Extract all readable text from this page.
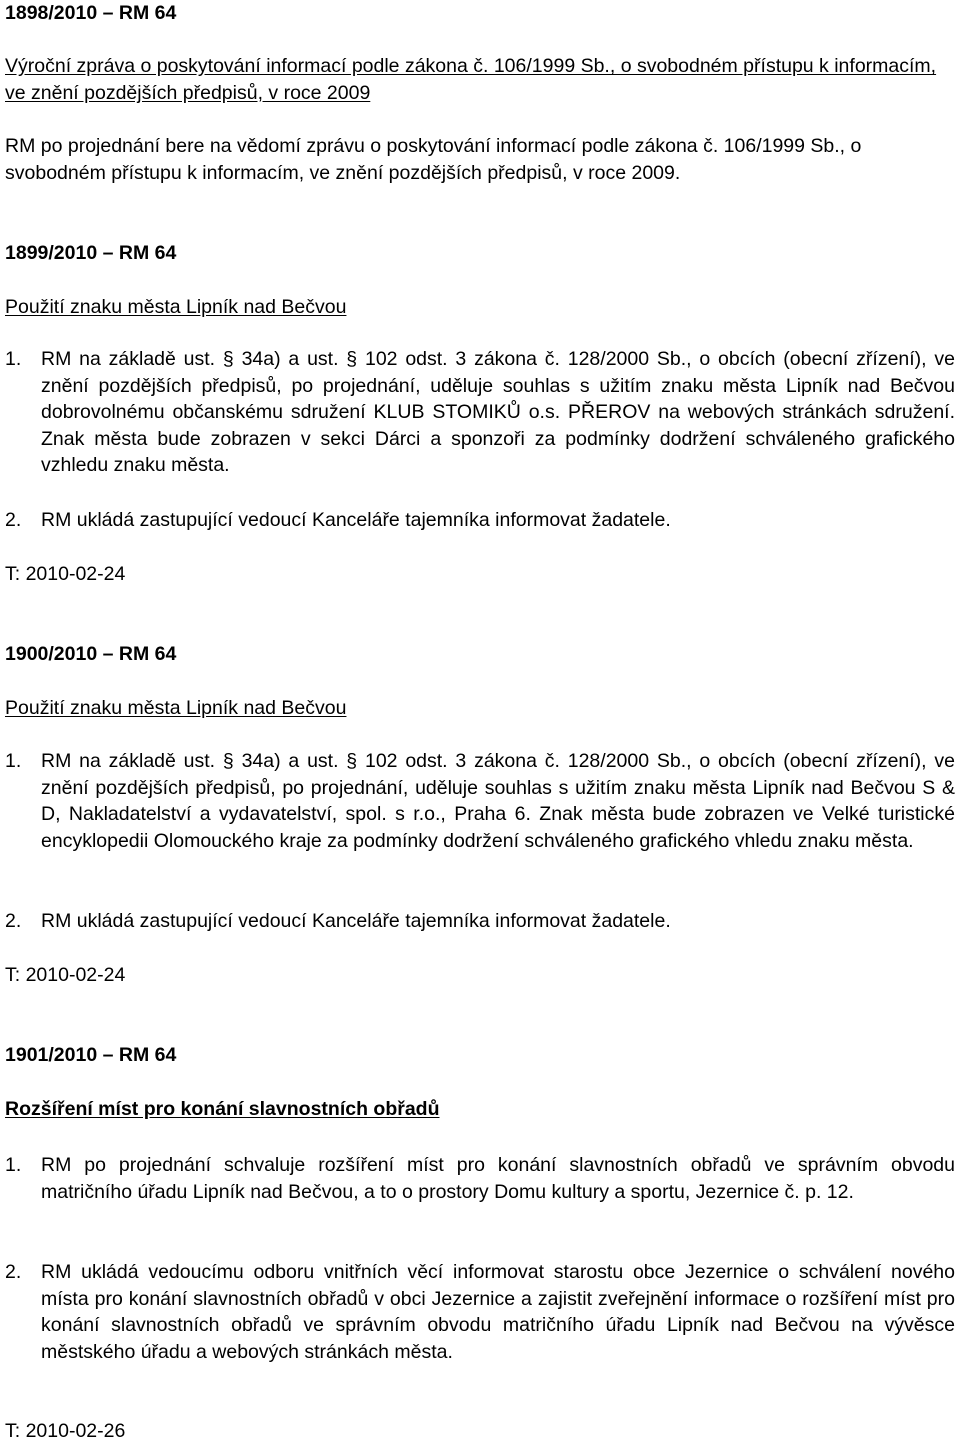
1898/2010 – RM 64
Výroční zpráva o poskytování informací podle zákona č. 106/1999 Sb., o svobodném přístupu k informacím, ve znění pozdějších předpisů, v roce 2009
RM po projednání bere na vědomí zprávu o poskytování informací podle zákona č. 106/1999 Sb., o svobodném přístupu k informacím, ve znění pozdějších předpisů, v roce 2009.
1899/2010 – RM 64
Použití znaku města Lipník nad Bečvou
1.	RM na základě ust. § 34a) a ust. § 102 odst. 3 zákona č. 128/2000 Sb., o obcích (obecní zřízení), ve znění pozdějších předpisů, po projednání, uděluje souhlas s užitím znaku města Lipník nad Bečvou dobrovolnému občanskému sdružení KLUB STOMIKŮ o.s. PŘEROV na webových stránkách sdružení. Znak města bude zobrazen v sekci Dárci a sponzoři za podmínky dodržení schváleného grafického vzhledu znaku města.
2.	RM ukládá zastupující vedoucí Kanceláře tajemníka informovat žadatele.
T: 2010-02-24
1900/2010 – RM 64
Použití znaku města Lipník nad Bečvou
1.	RM na základě ust. § 34a) a ust. § 102 odst. 3 zákona č. 128/2000 Sb., o obcích (obecní zřízení), ve znění pozdějších předpisů, po projednání, uděluje souhlas s užitím znaku města Lipník nad Bečvou S & D, Nakladatelství a vydavatelství, spol. s r.o., Praha 6. Znak města bude zobrazen ve Velké turistické encyklopedii Olomouckého kraje za podmínky dodržení schváleného grafického vhledu znaku města.
2.	RM ukládá zastupující vedoucí Kanceláře tajemníka informovat žadatele.
T: 2010-02-24
1901/2010 – RM 64
Rozšíření míst pro konání slavnostních obřadů
1.	RM po projednání schvaluje rozšíření míst pro konání slavnostních obřadů ve správním obvodu matričního úřadu Lipník nad Bečvou, a to o prostory Domu kultury a sportu, Jezernice č. p. 12.
2.	RM ukládá vedoucímu odboru vnitřních věcí informovat starostu obce Jezernice o schválení nového místa pro konání slavnostních obřadů v obci Jezernice a zajistit zveřejnění informace o rozšíření míst pro konání slavnostních obřadů ve správním obvodu matričního úřadu Lipník nad Bečvou na vývěsce městského úřadu a webových stránkách města.
T: 2010-02-26
